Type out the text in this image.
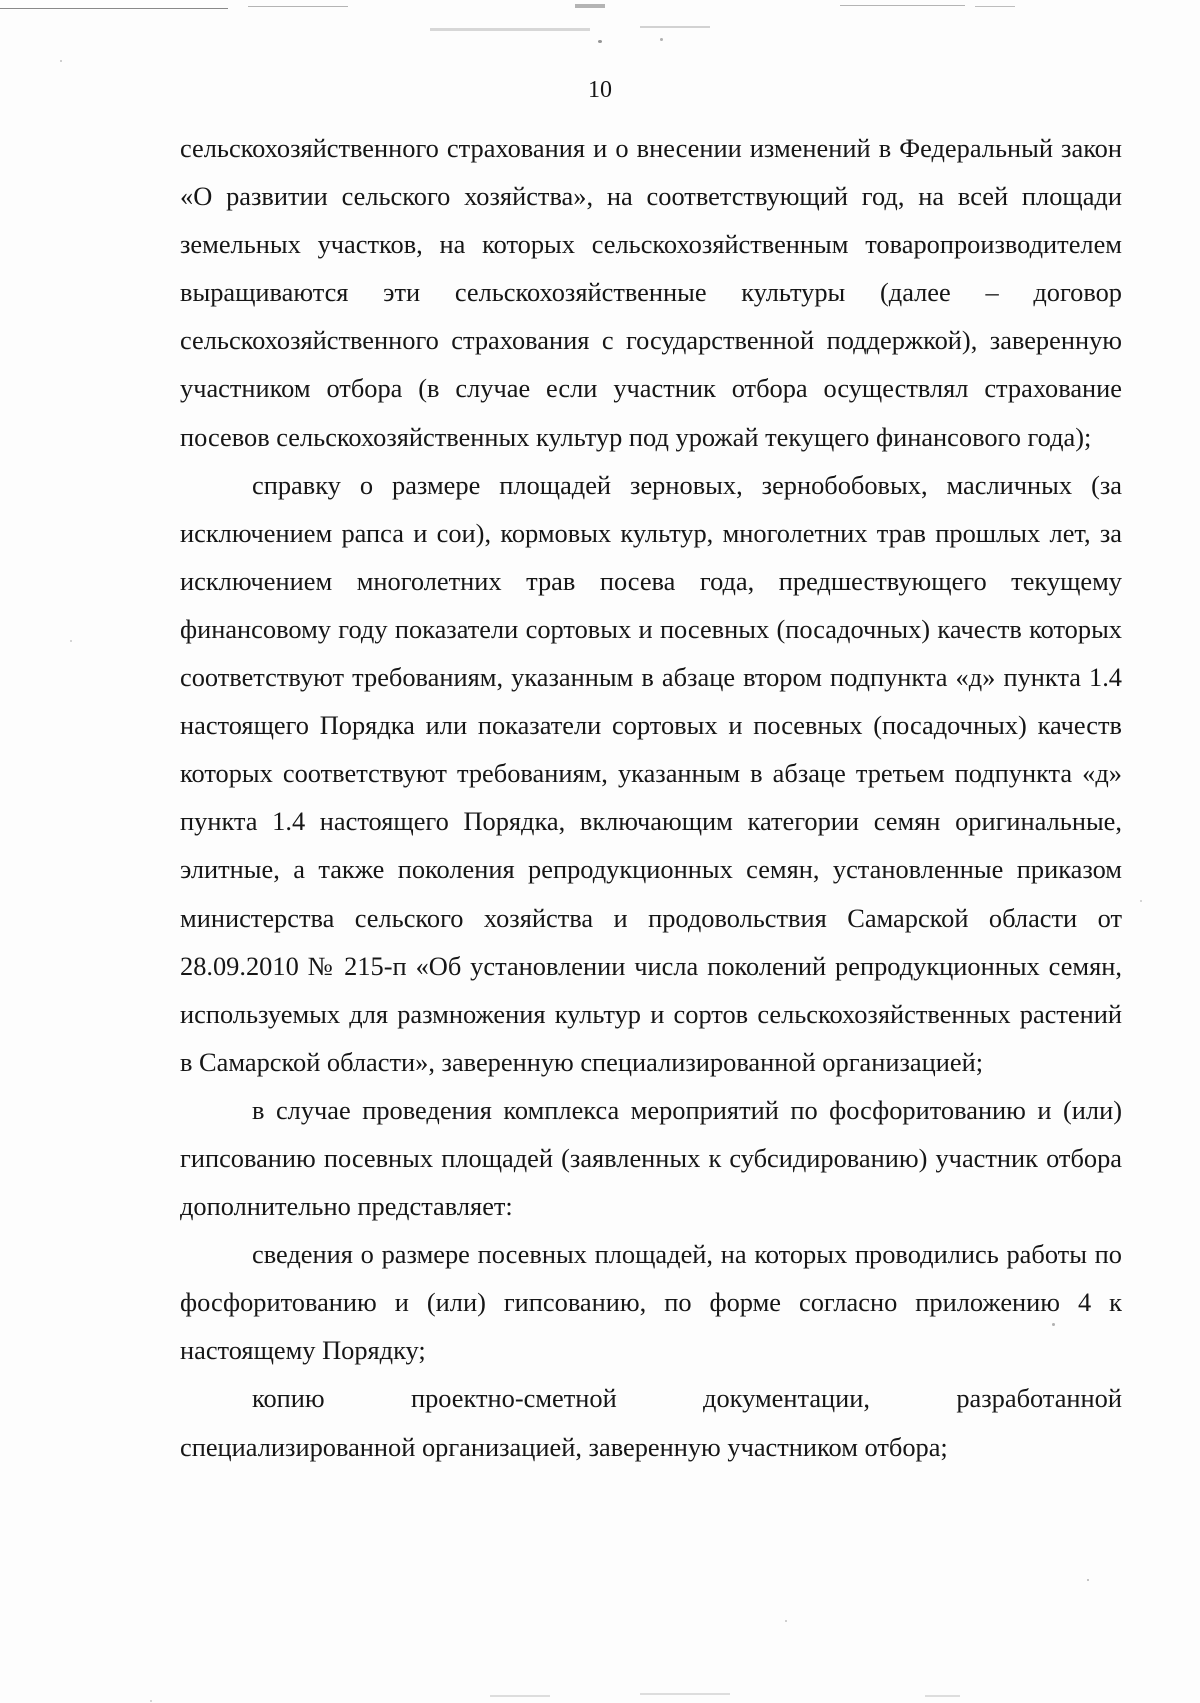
10

сельскохозяйственного страхования и о внесении изменений в Федеральный закон «О развитии сельского хозяйства», на соответствующий год, на всей площади земельных участков, на которых сельскохозяйственным товаропроизводителем выращиваются эти сельскохозяйственные культуры (далее – договор сельскохозяйственного страхования с государственной поддержкой), заверенную участником отбора (в случае если участник отбора осуществлял страхование посевов сельскохозяйственных культур под урожай текущего финансового года);

справку о размере площадей зерновых, зернобобовых, масличных (за исключением рапса и сои), кормовых культур, многолетних трав прошлых лет, за исключением многолетних трав посева года, предшествующего текущему финансовому году показатели сортовых и посевных (посадочных) качеств которых соответствуют требованиям, указанным в абзаце втором подпункта «д» пункта 1.4 настоящего Порядка или показатели сортовых и посевных (посадочных) качеств которых соответствуют требованиям, указанным в абзаце третьем подпункта «д» пункта 1.4 настоящего Порядка, включающим категории семян оригинальные, элитные, а также поколения репродукционных семян, установленные приказом министерства сельского хозяйства и продовольствия Самарской области от 28.09.2010 № 215-п «Об установлении числа поколений репродукционных семян, используемых для размножения культур и сортов сельскохозяйственных растений в Самарской области», заверенную специализированной организацией;

в случае проведения комплекса мероприятий по фосфоритованию и (или) гипсованию посевных площадей (заявленных к субсидированию) участник отбора дополнительно представляет:

сведения о размере посевных площадей, на которых проводились работы по фосфоритованию и (или) гипсованию, по форме согласно приложению 4 к настоящему Порядку;

копию проектно-сметной документации, разработанной специализированной организацией, заверенную участником отбора;
